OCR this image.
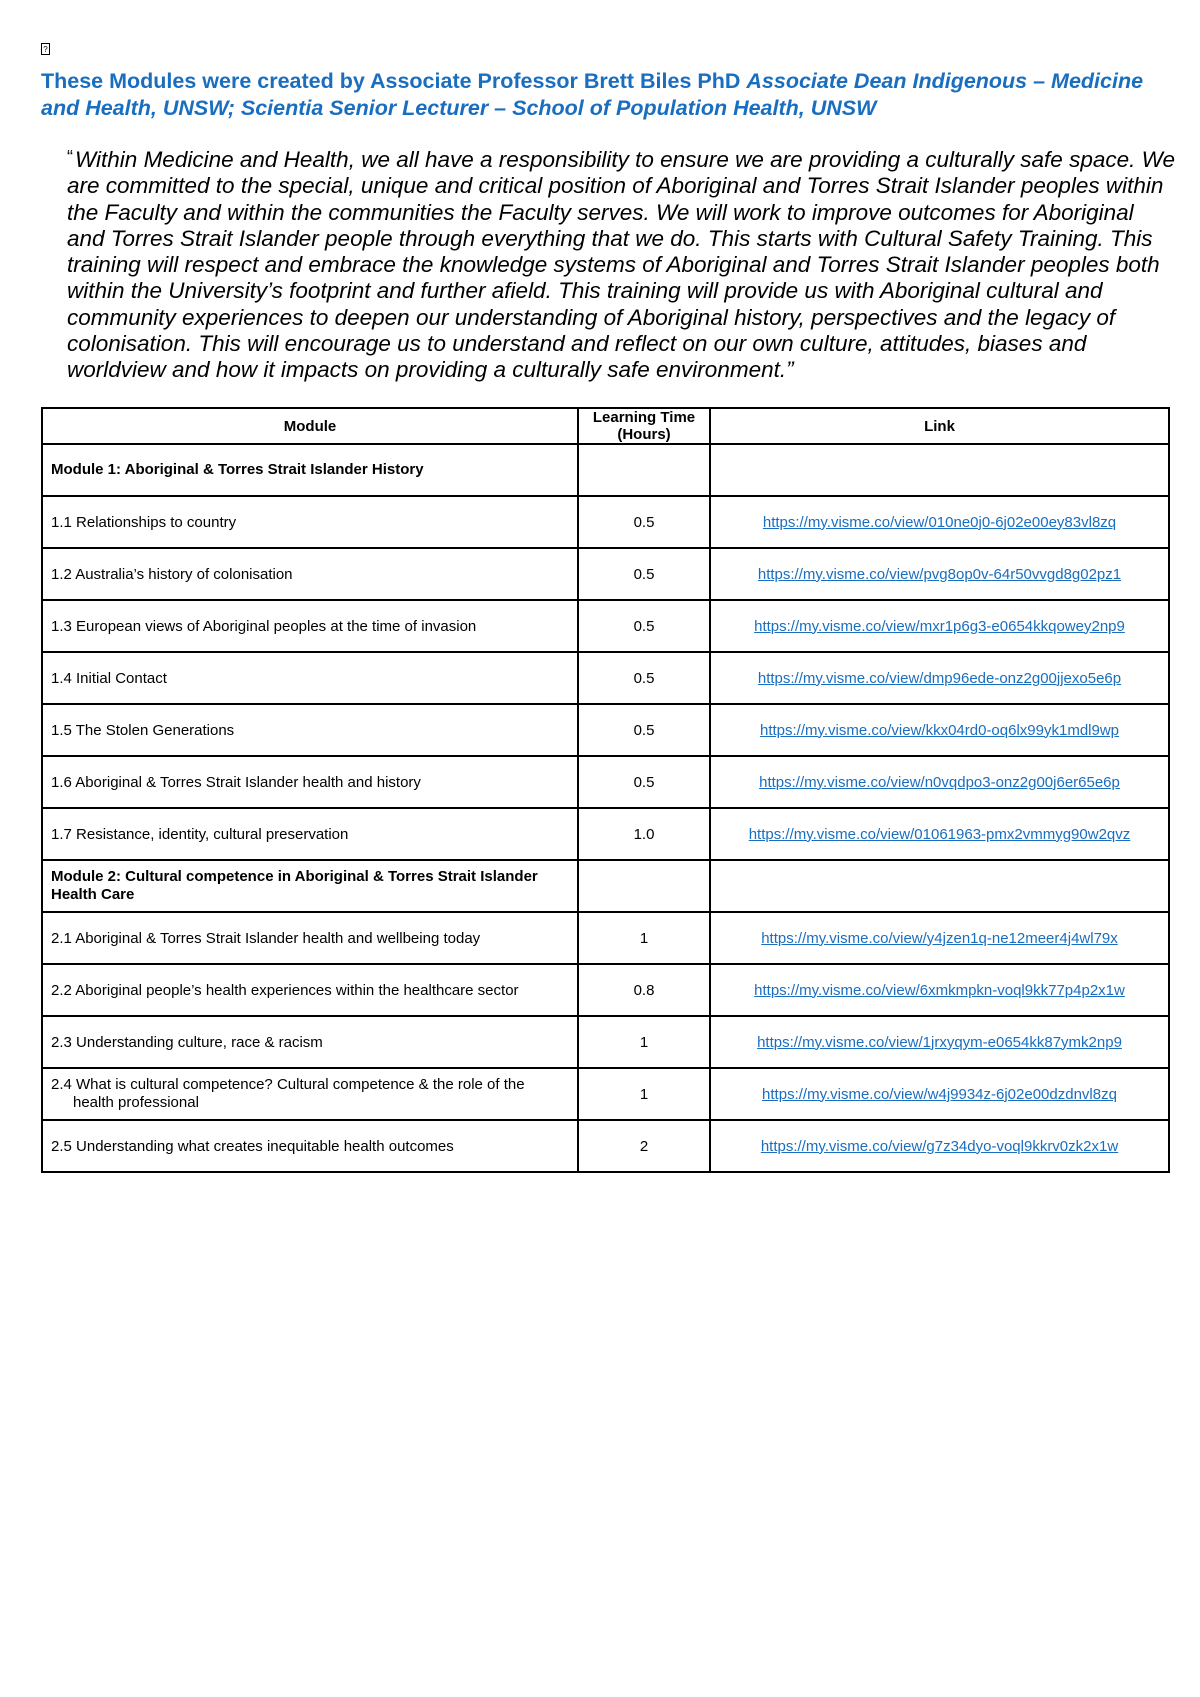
?
These Modules were created by Associate Professor Brett Biles PhD Associate Dean Indigenous – Medicine and Health, UNSW; Scientia Senior Lecturer – School of Population Health, UNSW
“Within Medicine and Health, we all have a responsibility to ensure we are providing a culturally safe space. We are committed to the special, unique and critical position of Aboriginal and Torres Strait Islander peoples within the Faculty and within the communities the Faculty serves. We will work to improve outcomes for Aboriginal and Torres Strait Islander people through everything that we do. This starts with Cultural Safety Training. This training will respect and embrace the knowledge systems of Aboriginal and Torres Strait Islander peoples both within the University’s footprint and further afield. This training will provide us with Aboriginal cultural and community experiences to deepen our understanding of Aboriginal history, perspectives and the legacy of colonisation. This will encourage us to understand and reflect on our own culture, attitudes, biases and worldview and how it impacts on providing a culturally safe environment.”
Module	Learning Time (Hours)	Link
Module 1: Aboriginal & Torres Strait Islander History		
1.1 Relationships to country	0.5	https://my.visme.co/view/010ne0j0-6j02e00ey83vl8zq
1.2 Australia’s history of colonisation	0.5	https://my.visme.co/view/pvg8op0v-64r50vvgd8g02pz1
1.3 European views of Aboriginal peoples at the time of invasion	0.5	https://my.visme.co/view/mxr1p6g3-e0654kkqowey2np9
1.4 Initial Contact	0.5	https://my.visme.co/view/dmp96ede-onz2g00jjexo5e6p
1.5 The Stolen Generations	0.5	https://my.visme.co/view/kkx04rd0-oq6lx99yk1mdl9wp
1.6 Aboriginal & Torres Strait Islander health and history	0.5	https://my.visme.co/view/n0vqdpo3-onz2g00j6er65e6p
1.7 Resistance, identity, cultural preservation	1.0	https://my.visme.co/view/01061963-pmx2vmmyg90w2qvz
Module 2: Cultural competence in Aboriginal & Torres Strait Islander Health Care		
2.1 Aboriginal & Torres Strait Islander health and wellbeing today	1	https://my.visme.co/view/y4jzen1q-ne12meer4j4wl79x
2.2 Aboriginal people’s health experiences within the healthcare sector	0.8	https://my.visme.co/view/6xmkmpkn-voql9kk77p4p2x1w
2.3 Understanding culture, race & racism	1	https://my.visme.co/view/1jrxyqym-e0654kk87ymk2np9
2.4 What is cultural competence? Cultural competence & the role of the
health professional	1	https://my.visme.co/view/w4j9934z-6j02e00dzdnvl8zq
2.5 Understanding what creates inequitable health outcomes	2	https://my.visme.co/view/g7z34dyo-voql9kkrv0zk2x1w
